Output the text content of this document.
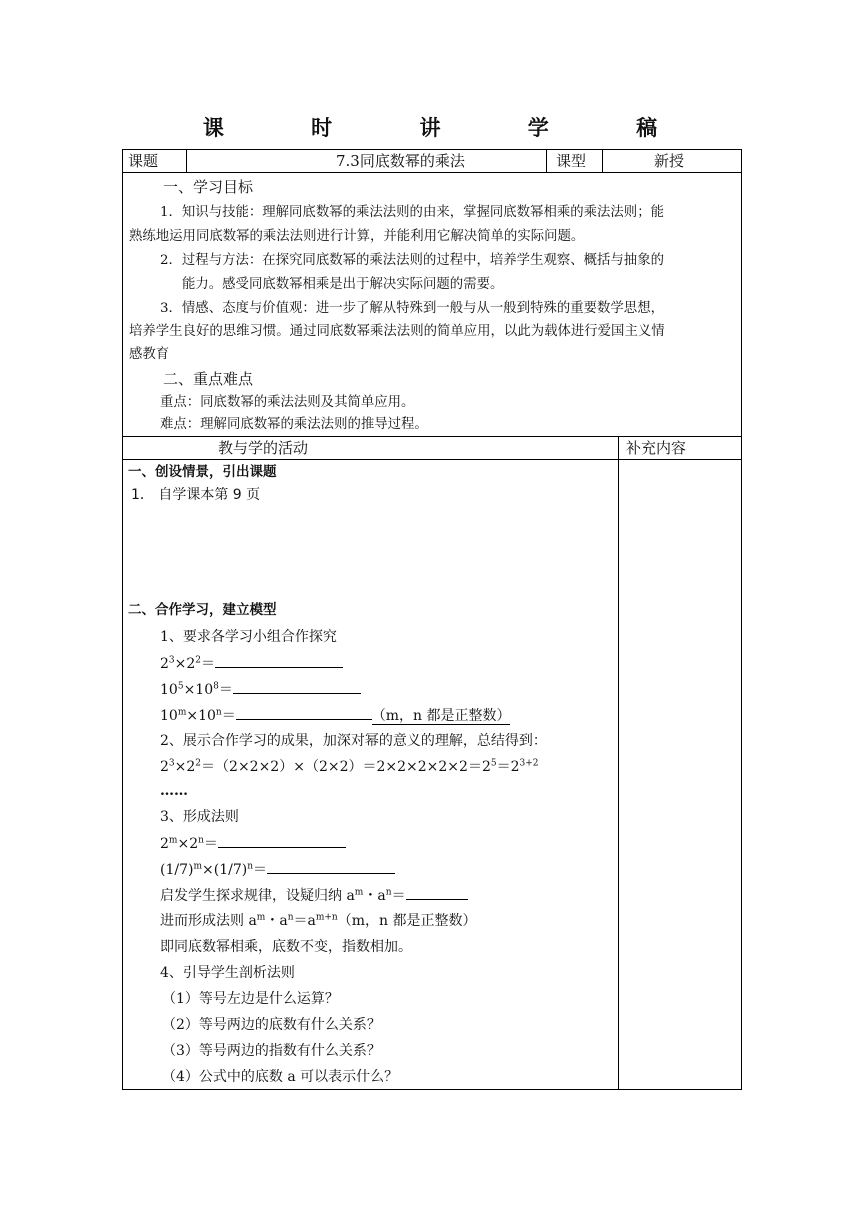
课 时 讲 学 稿
课题	7.3同底数幂的乘法	课型	新授
一、学习目标
1．知识与技能：理解同底数幂的乘法法则的由来，掌握同底数幂相乘的乘法法则；能
熟练地运用同底数幂的乘法法则进行计算，并能利用它解决简单的实际问题。
2．过程与方法：在探究同底数幂的乘法法则的过程中，培养学生观察、概括与抽象的
能力。感受同底数幂相乘是出于解决实际问题的需要。
3．情感、态度与价值观：进一步了解从特殊到一般与从一般到特殊的重要数学思想，
培养学生良好的思维习惯。通过同底数幂乘法法则的简单应用，以此为载体进行爱国主义情
感教育
二、重点难点
重点：同底数幂的乘法法则及其简单应用。
难点：理解同底数幂的乘法法则的推导过程。
教与学的活动	补充内容
一、创设情景，引出课题
1． 自学课本第 9 页
二、合作学习，建立模型
1、要求各学习小组合作探究
$2^3\times 2^2=$
$10^5\times 10^8=$
$10^m\times 10^n=$	（m，n 都是正整数）
2、展示合作学习的成果，加深对幂的意义的理解，总结得到：
$2^3\times 2^2=(2\times 2\times 2)\times(2\times 2)=2\times 2\times 2\times 2\times 2=2^5=2^{3+2}$
……
3、形成法则
$2^m\times 2^n=$
$(1/7)^m\times(1/7)^n=$
启发学生探求规律，设疑归纳 $a^m$・$a^n=$
进而形成法则 $a^m$・$a^n=a^{m+n}(m$，n 都是正整数）
即同底数幂相乘，底数不变，指数相加。
4、引导学生剖析法则
（1）等号左边是什么运算？
（2）等号两边的底数有什么关系？
（3）等号两边的指数有什么关系？
（4）公式中的底数 a 可以表示什么？
